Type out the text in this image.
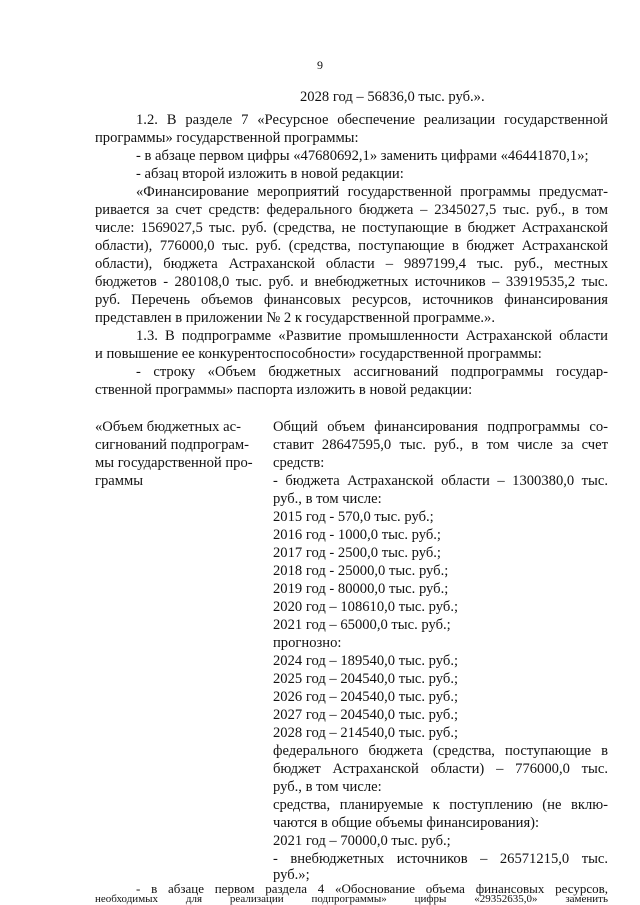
9
2028 год – 56836,0 тыс. руб.».
1.2. В разделе 7 «Ресурсное обеспечение реализации государственной
программы» государственной программы:
- в абзаце первом цифры «47680692,1» заменить цифрами «46441870,1»;
- абзац второй изложить в новой редакции:
«Финансирование мероприятий государственной программы предусмат-
ривается за счет средств: федерального бюджета – 2345027,5 тыс. руб., в том
числе: 1569027,5 тыс. руб. (средства, не поступающие в бюджет Астраханской
области), 776000,0 тыс. руб. (средства, поступающие в бюджет Астраханской
области), бюджета Астраханской области – 9897199,4 тыс. руб., местных
бюджетов - 280108,0 тыс. руб. и внебюджетных источников – 33919535,2 тыс.
руб. Перечень объемов финансовых ресурсов, источников финансирования
представлен в приложении № 2 к государственной программе.».
1.3. В подпрограмме «Развитие промышленности Астраханской области
и повышение ее конкурентоспособности» государственной программы:
- строку «Объем бюджетных ассигнований подпрограммы государ-
ственной программы» паспорта изложить в новой редакции:
«Объем бюджетных ас-
сигнований подпрограм-
мы государственной про-
граммы
Общий объем финансирования подпрограммы со-
ставит 28647595,0 тыс. руб., в том числе за счет
средств:
- бюджета Астраханской области – 1300380,0 тыс.
руб., в том числе:
2015 год - 570,0 тыс. руб.;
2016 год - 1000,0 тыс. руб.;
2017 год - 2500,0 тыс. руб.;
2018 год - 25000,0 тыс. руб.;
2019 год - 80000,0 тыс. руб.;
2020 год – 108610,0 тыс. руб.;
2021 год – 65000,0 тыс. руб.;
прогнозно:
2024 год – 189540,0 тыс. руб.;
2025 год – 204540,0 тыс. руб.;
2026 год – 204540,0 тыс. руб.;
2027 год – 204540,0 тыс. руб.;
2028 год – 214540,0 тыс. руб.;
федерального бюджета (средства, поступающие в
бюджет Астраханской области) – 776000,0 тыс.
руб., в том числе:
средства, планируемые к поступлению (не вклю-
чаются в общие объемы финансирования):
2021 год – 70000,0 тыс. руб.;
- внебюджетных источников – 26571215,0 тыс.
руб.»;
- в абзаце первом раздела 4 «Обоснование объема финансовых ресурсов,
необходимых для реализации подпрограммы» цифры «29352635,0» заменить
